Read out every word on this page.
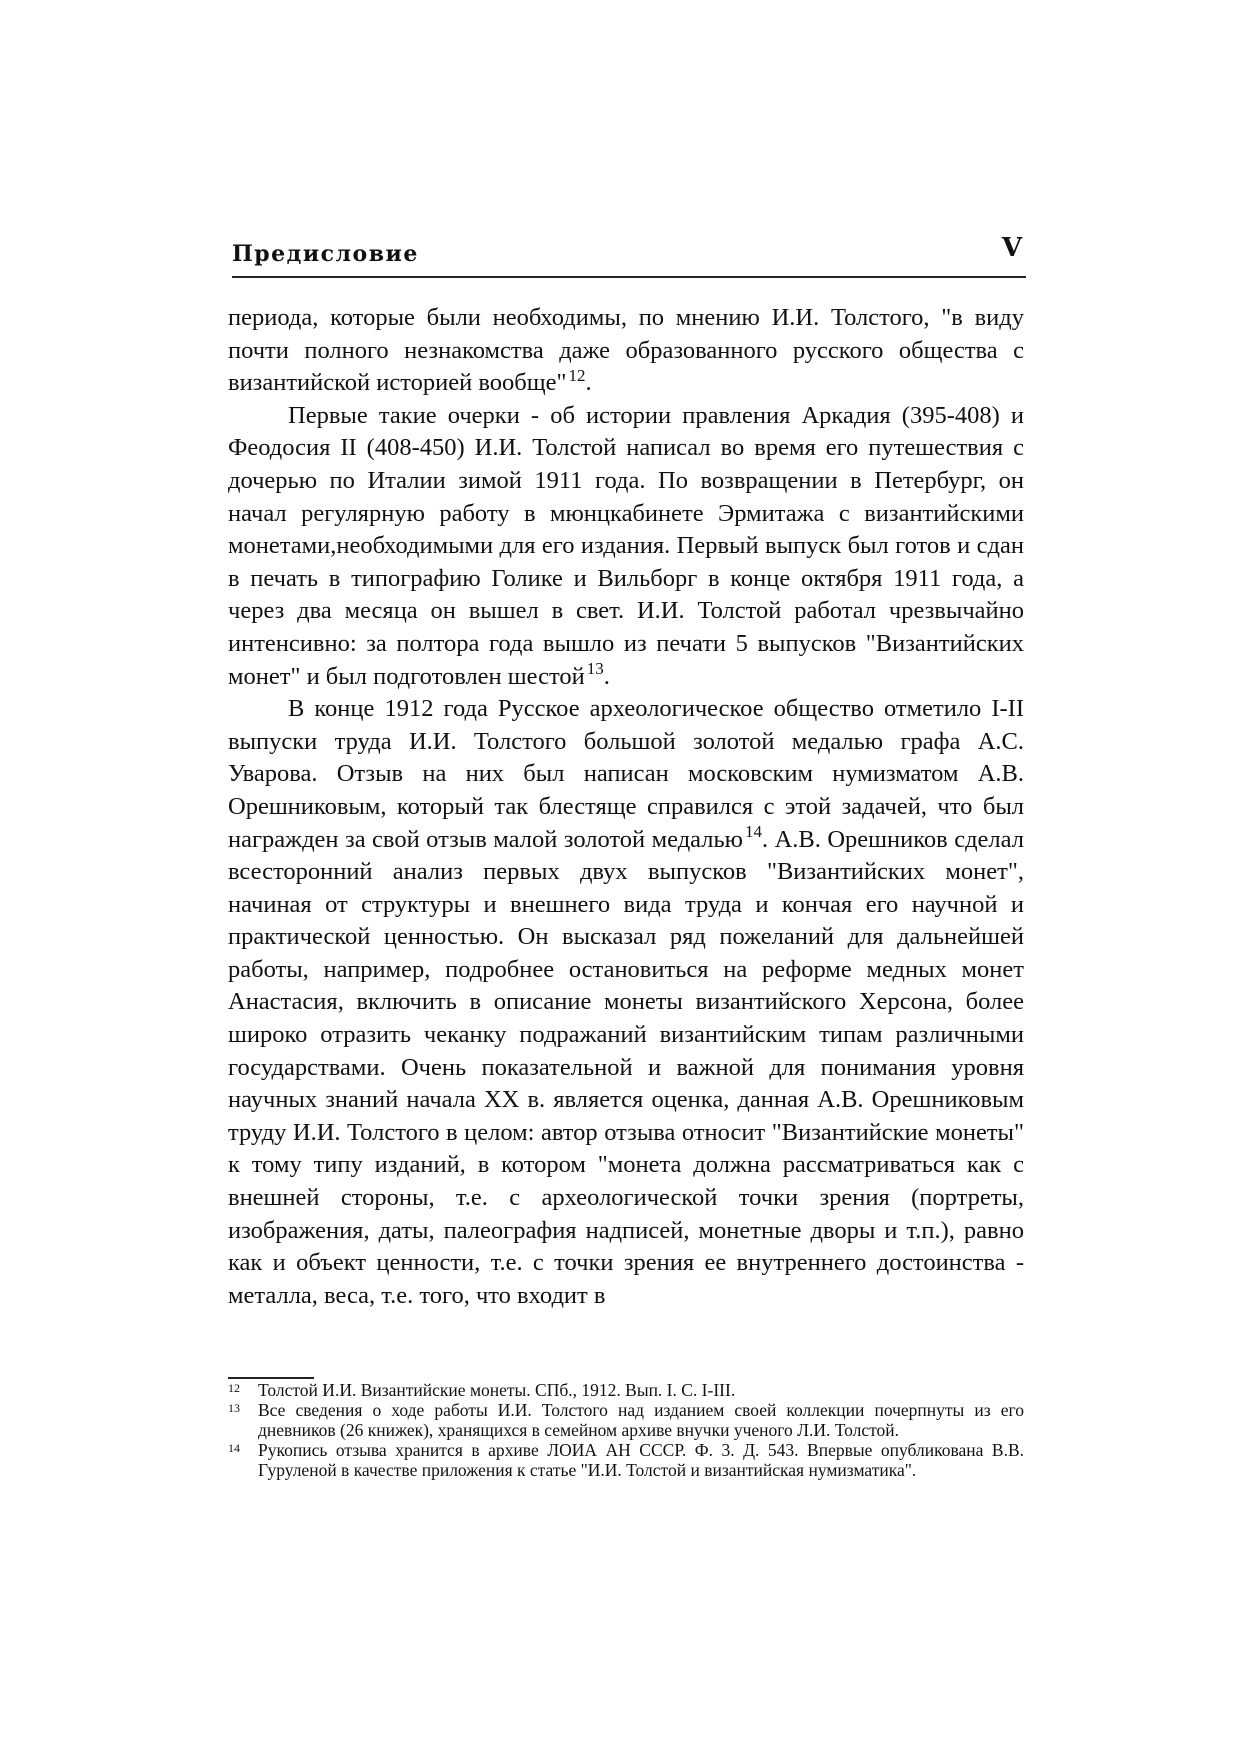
Предисловие	V

периода, которые были необходимы, по мнению И.И. Толстого, "в виду почти полного незнакомства даже образованного русского общества с византийской историей вообще" $^{12}$.

Первые такие очерки - об истории правления Аркадия (395-408) и Феодосия II (408-450) И.И. Толстой написал во время его путешествия с дочерью по Италии зимой 1911 года. По возвращении в Петербург, он начал регулярную работу в мюнцкабинете Эрмитажа с византийскими монетами,необходимыми для его издания. Первый выпуск был готов и сдан в печать в типографию Голике и Вильборг в конце октября 1911 года, а через два месяца он вышел в свет. И.И. Толстой работал чрезвычайно интенсивно: за полтора года вышло из печати 5 выпусков "Византийских монет" и был подготовлен шестой $^{13}$.

В конце 1912 года Русское археологическое общество отметило I-II выпуски труда И.И. Толстого большой золотой медалью графа А.С. Уварова. Отзыв на них был написан московским нумизматом А.В. Орешниковым, который так блестяще справился с этой задачей, что был награжден за свой отзыв малой золотой медалью $^{14}$. А.В. Орешников сделал всесторонний анализ первых двух выпусков "Византийских монет", начиная от структуры и внешнего вида труда и кончая его научной и практической ценностью. Он высказал ряд пожеланий для дальнейшей работы, например, подробнее остановиться на реформе медных монет Анастасия, включить в описание монеты византийского Херсона, более широко отразить чеканку подражаний византийским типам различными государствами. Очень показательной и важной для понимания уровня научных знаний начала XX в. является оценка, данная А.В. Орешниковым труду И.И. Толстого в целом: автор отзыва относит "Византийские монеты" к тому типу изданий, в котором "монета должна рассматриваться как с внешней стороны, т.е. с археологической точки зрения (портреты, изображения, даты, палеография надписей, монетные дворы и т.п.), равно как и объект ценности, т.е. с точки зрения ее внутреннего достоинства - металла, веса, т.е. того, что входит в

12 Толстой И.И. Византийские монеты. СПб., 1912. Вып. I. С. I-III.
13 Все сведения о ходе работы И.И. Толстого над изданием своей коллекции почерпнуты из его дневников (26 книжек), хранящихся в семейном архиве внучки ученого Л.И. Толстой.
14 Рукопись отзыва хранится в архиве ЛОИА АН СССР. Ф. 3. Д. 543. Впервые опубликована В.В. Гуруленой в качестве приложения к статье "И.И. Толстой и византийская нумизматика".
